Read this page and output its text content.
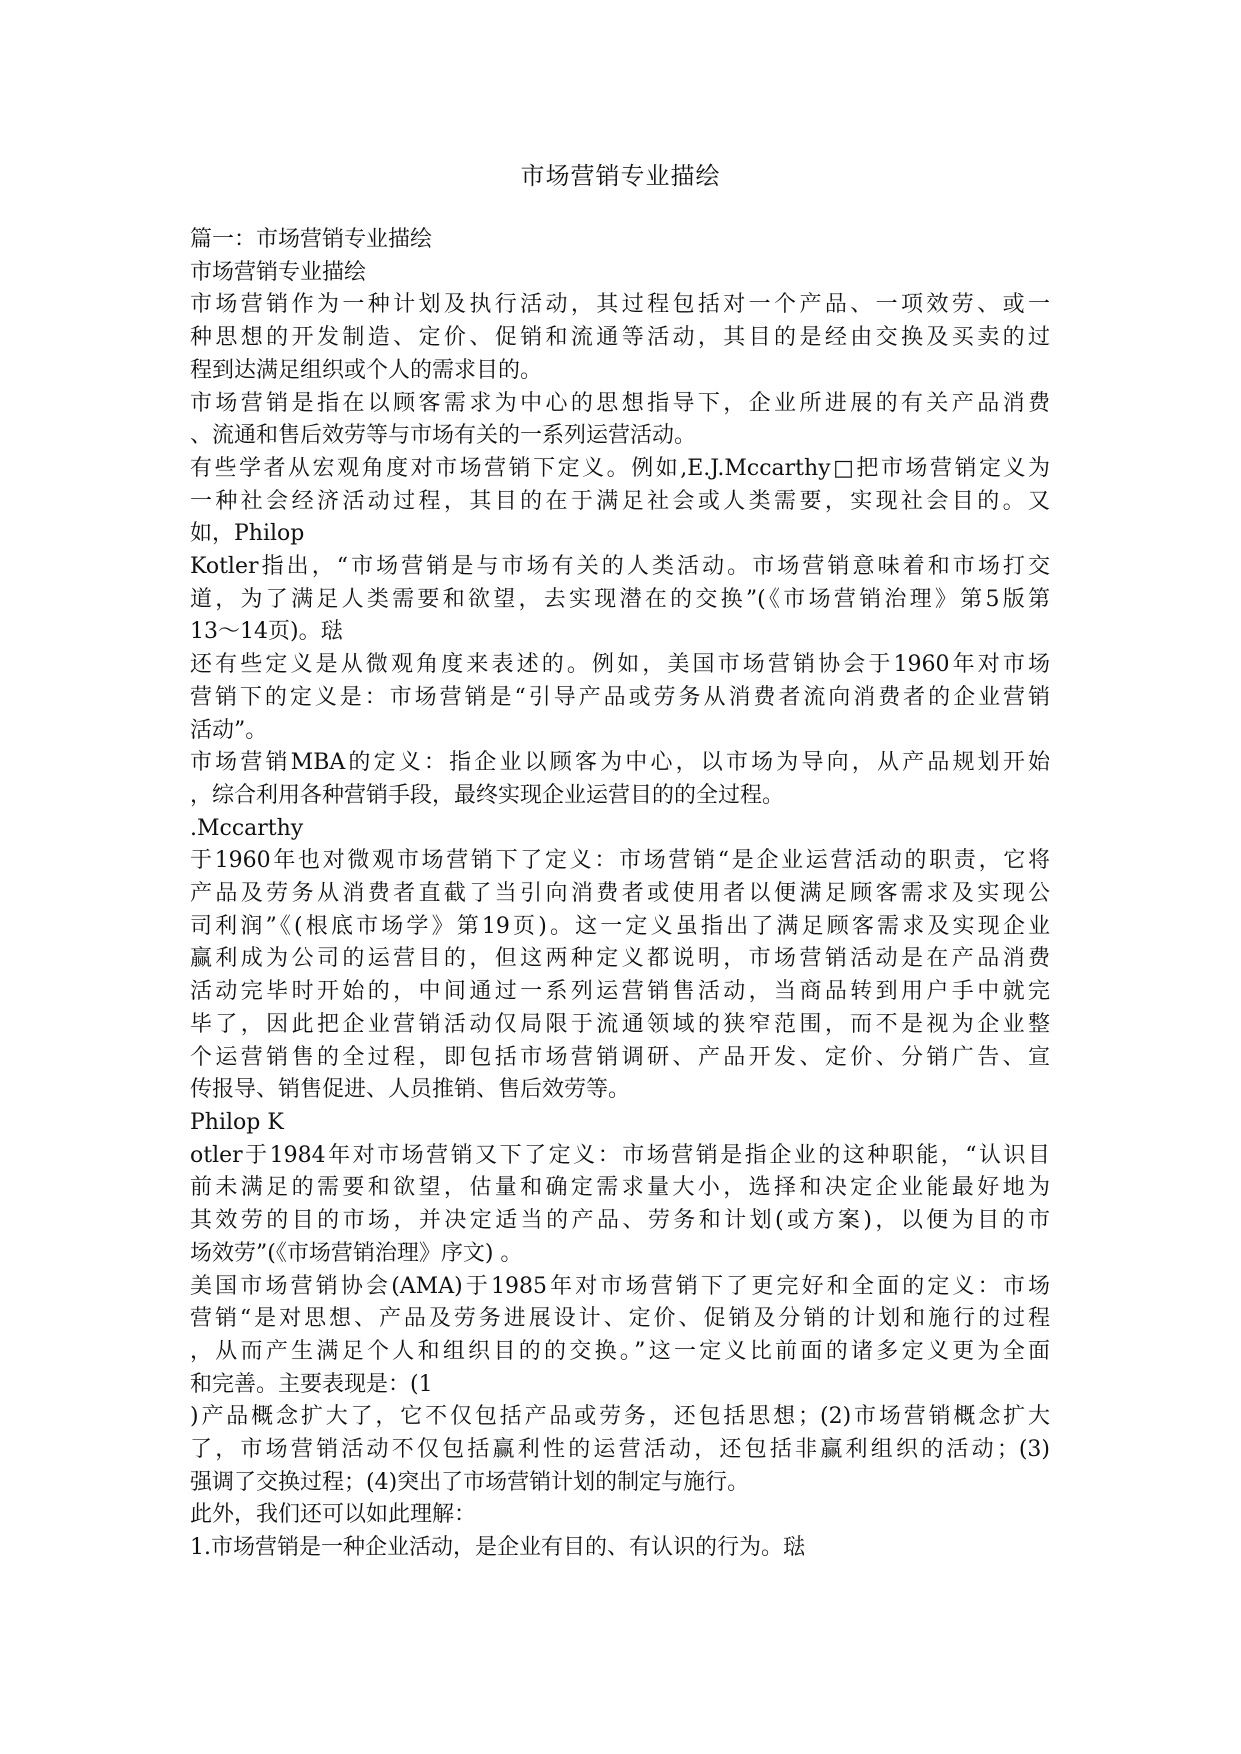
市场营销专业描绘
篇一：市场营销专业描绘
市场营销专业描绘
市场营销作为一种计划及执行活动，其过程包括对一个产品、一项效劳、或一
种思想的开发制造、定价、促销和流通等活动，其目的是经由交换及买卖的过
程到达满足组织或个人的需求目的。
市场营销是指在以顾客需求为中心的思想指导下，企业所进展的有关产品消费
、流通和售后效劳等与市场有关的一系列运营活动。
有些学者从宏观角度对市场营销下定义。例如,E.J.Mccarthy□把市场营销定义为
一种社会经济活动过程，其目的在于满足社会或人类需要，实现社会目的。又
如，Philop
Kotler指出，“市场营销是与市场有关的人类活动。市场营销意味着和市场打交
道，为了满足人类需要和欲望，去实现潜在的交换”(《市场营销治理》第5版第
13～14页)。琺
还有些定义是从微观角度来表述的。例如，美国市场营销协会于1960年对市场
营销下的定义是：市场营销是“引导产品或劳务从消费者流向消费者的企业营销
活动”。
市场营销MBA的定义：指企业以顾客为中心，以市场为导向，从产品规划开始
，综合利用各种营销手段，最终实现企业运营目的的全过程。
.Mccarthy
于1960年也对微观市场营销下了定义：市场营销“是企业运营活动的职责，它将
产品及劳务从消费者直截了当引向消费者或使用者以便满足顾客需求及实现公
司利润”《(根底市场学》第19页)。这一定义虽指出了满足顾客需求及实现企业
赢利成为公司的运营目的，但这两种定义都说明，市场营销活动是在产品消费
活动完毕时开始的，中间通过一系列运营销售活动，当商品转到用户手中就完
毕了，因此把企业营销活动仅局限于流通领域的狭窄范围，而不是视为企业整
个运营销售的全过程，即包括市场营销调研、产品开发、定价、分销广告、宣
传报导、销售促进、人员推销、售后效劳等。
Philop K
otler于1984年对市场营销又下了定义：市场营销是指企业的这种职能，“认识目
前未满足的需要和欲望，估量和确定需求量大小，选择和决定企业能最好地为
其效劳的目的市场，并决定适当的产品、劳务和计划(或方案)，以便为目的市
场效劳”(《市场营销治理》序文) 。
美国市场营销协会(AMA)于1985年对市场营销下了更完好和全面的定义：市场
营销“是对思想、产品及劳务进展设计、定价、促销及分销的计划和施行的过程
，从而产生满足个人和组织目的的交换。”这一定义比前面的诸多定义更为全面
和完善。主要表现是：(1
)产品概念扩大了，它不仅包括产品或劳务，还包括思想；(2)市场营销概念扩大
了，市场营销活动不仅包括赢利性的运营活动，还包括非赢利组织的活动；(3)
强调了交换过程；(4)突出了市场营销计划的制定与施行。
此外，我们还可以如此理解：
1.市场营销是一种企业活动，是企业有目的、有认识的行为。琺
